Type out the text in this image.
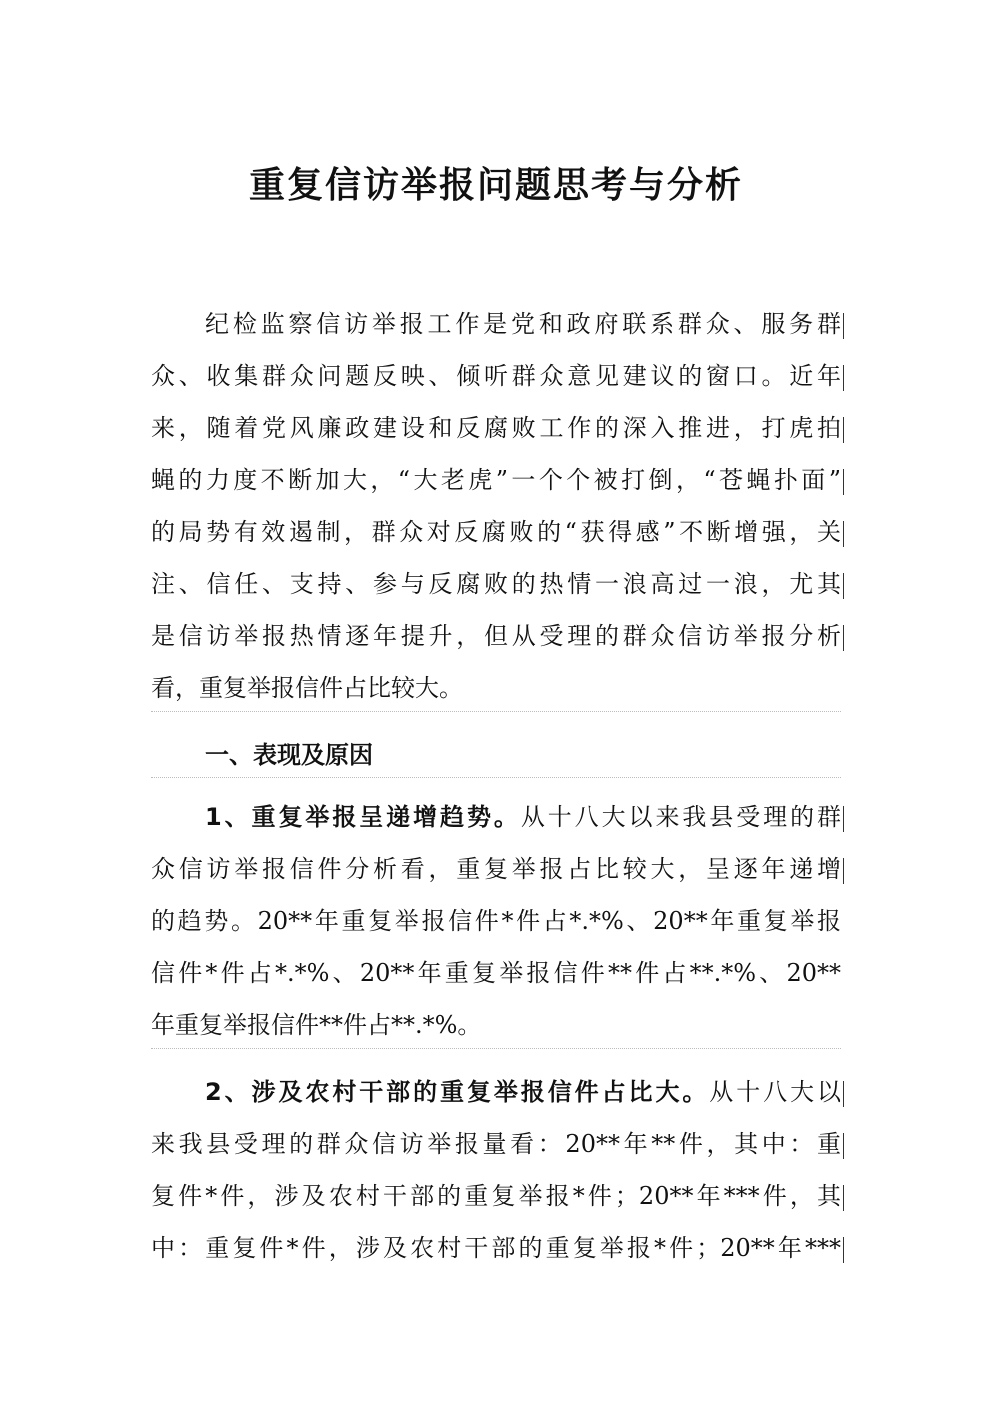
重复信访举报问题思考与分析
纪检监察信访举报工作是党和政府联系群众、服务群
众、收集群众问题反映、倾听群众意见建议的窗口。近年
来，随着党风廉政建设和反腐败工作的深入推进，打虎拍
蝇的力度不断加大，“大老虎”一个个被打倒，“苍蝇扑面”
的局势有效遏制，群众对反腐败的“获得感”不断增强，关
注、信任、支持、参与反腐败的热情一浪高过一浪，尤其
是信访举报热情逐年提升，但从受理的群众信访举报分析
看，重复举报信件占比较大。
一、表现及原因
1、重复举报呈递增趋势。从十八大以来我县受理的群
众信访举报信件分析看，重复举报占比较大，呈逐年递增
的趋势。20**年重复举报信件*件占*.*%、20**年重复举报
信件*件占*.*%、20**年重复举报信件**件占**.*%、20**
年重复举报信件**件占**.*%。
2、涉及农村干部的重复举报信件占比大。从十八大以
来我县受理的群众信访举报量看：20**年**件，其中：重
复件*件，涉及农村干部的重复举报*件；20**年***件，其
中：重复件*件，涉及农村干部的重复举报*件；20**年***
